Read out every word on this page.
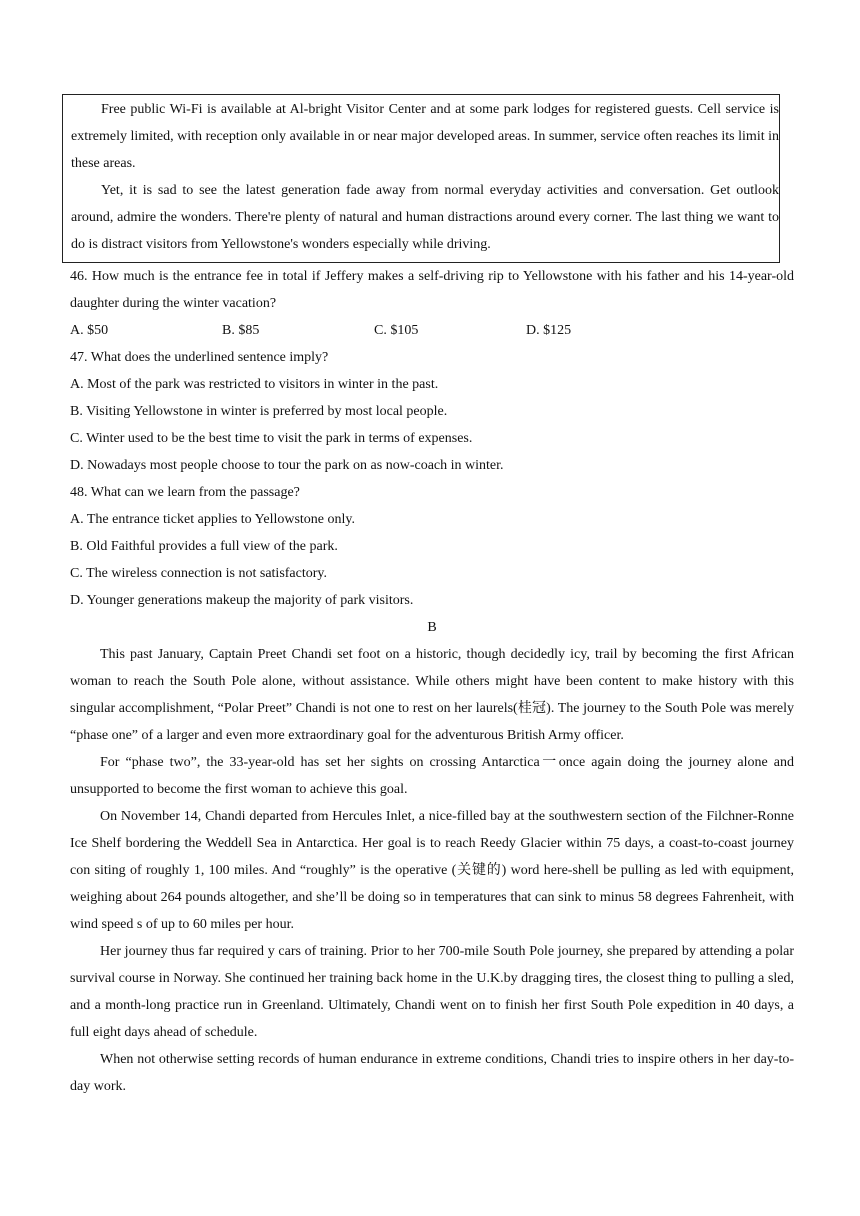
Free public Wi-Fi is available at Al-bright Visitor Center and at some park lodges for registered guests. Cell service is extremely limited, with reception only available in or near major developed areas. In summer, service often reaches its limit in these areas.

Yet, it is sad to see the latest generation fade away from normal everyday activities and conversation. Get outlook around, admire the wonders. There're plenty of natural and human distractions around every corner. The last thing we want to do is distract visitors from Yellowstone's wonders especially while driving.

46. How much is the entrance fee in total if Jeffery makes a self-driving rip to Yellowstone with his father and his 14-year-old daughter during the winter vacation?

A. $50	B. $85	C. $105	D. $125

47. What does the underlined sentence imply?

A. Most of the park was restricted to visitors in winter in the past.

B. Visiting Yellowstone in winter is preferred by most local people.

C. Winter used to be the best time to visit the park in terms of expenses.

D. Nowadays most people choose to tour the park on as now-coach in winter.

48. What can we learn from the passage?

A. The entrance ticket applies to Yellowstone only.

B. Old Faithful provides a full view of the park.

C. The wireless connection is not satisfactory.

D. Younger generations makeup the majority of park visitors.

B

This past January, Captain Preet Chandi set foot on a historic, though decidedly icy, trail by becoming the first African woman to reach the South Pole alone, without assistance. While others might have been content to make history with this singular accomplishment, “Polar Preet” Chandi is not one to rest on her laurels(桂冠). The journey to the South Pole was merely “phase one” of a larger and even more extraordinary goal for the adventurous British Army officer.

For “phase two”, the 33-year-old has set her sights on crossing Antarctica一once again doing the journey alone and unsupported to become the first woman to achieve this goal.

On November 14, Chandi departed from Hercules Inlet, a nice-filled bay at the southwestern section of the Filchner-Ronne Ice Shelf bordering the Weddell Sea in Antarctica. Her goal is to reach Reedy Glacier within 75 days, a coast-to-coast journey con siting of roughly 1, 100 miles. And “roughly” is the operative (关键的) word here-shell be pulling as led with equipment, weighing about 264 pounds altogether, and she’ll be doing so in temperatures that can sink to minus 58 degrees Fahrenheit, with wind speed s of up to 60 miles per hour.

Her journey thus far required y cars of training. Prior to her 700-mile South Pole journey, she prepared by attending a polar survival course in Norway. She continued her training back home in the U.K.by dragging tires, the closest thing to pulling a sled, and a month-long practice run in Greenland. Ultimately, Chandi went on to finish her first South Pole expedition in 40 days, a full eight days ahead of schedule.

When not otherwise setting records of human endurance in extreme conditions, Chandi tries to inspire others in her day-to-day work.
